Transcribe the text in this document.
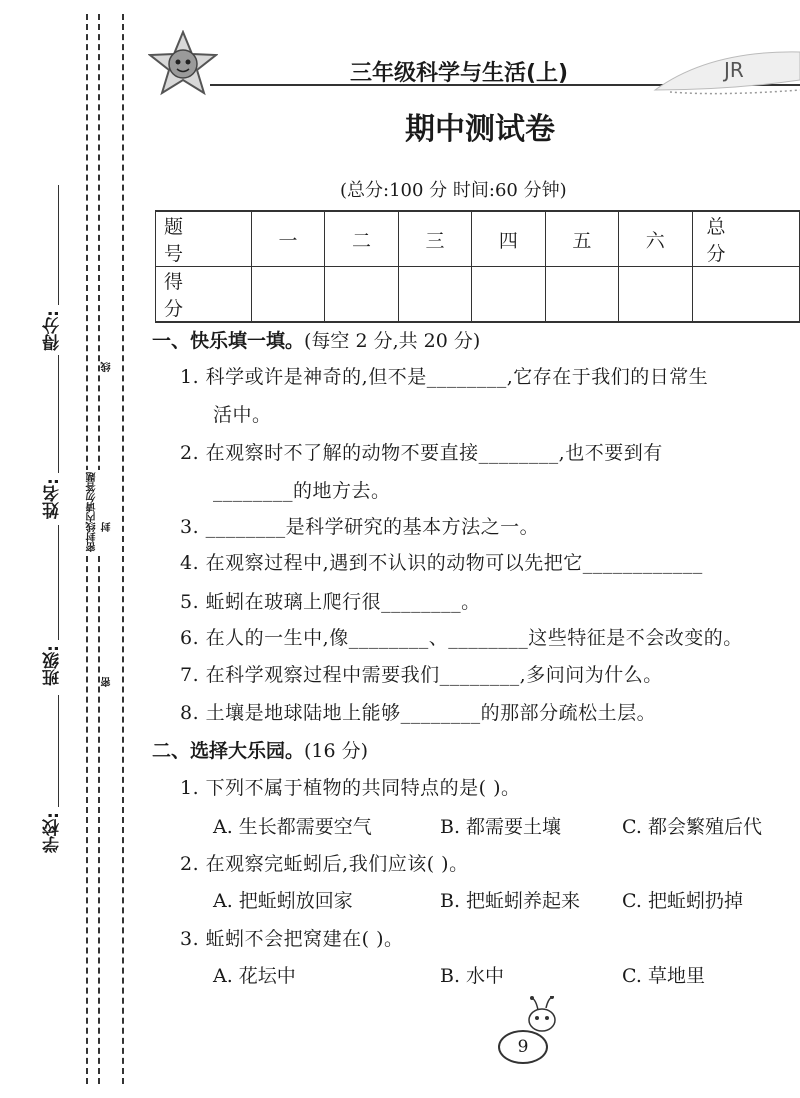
得分:
姓名:
班级:
学校:
线
密封线内请勿答题 封
密
三年级科学与生活(上)	JR
期中测试卷
(总分:100 分 时间:60 分钟)
题 号	一	二	三	四	五	六	总 分
得 分							
一、快乐填一填。(每空 2 分,共 20 分)
1. 科学或许是神奇的,但不是________,它存在于我们的日常生
活中。
2. 在观察时不了解的动物不要直接________,也不要到有
________的地方去。
3. ________是科学研究的基本方法之一。
4. 在观察过程中,遇到不认识的动物可以先把它____________
5. 蚯蚓在玻璃上爬行很________。
6. 在人的一生中,像________、________这些特征是不会改变的。
7. 在科学观察过程中需要我们________,多问问为什么。
8. 土壤是地球陆地上能够________的那部分疏松土层。
二、选择大乐园。(16 分)
1. 下列不属于植物的共同特点的是( )。
A. 生长都需要空气	B. 都需要土壤	C. 都会繁殖后代
2. 在观察完蚯蚓后,我们应该( )。
A. 把蚯蚓放回家	B. 把蚯蚓养起来 C. 把蚯蚓扔掉
3. 蚯蚓不会把窝建在( )。
A. 花坛中	B. 水中	C. 草地里
9
